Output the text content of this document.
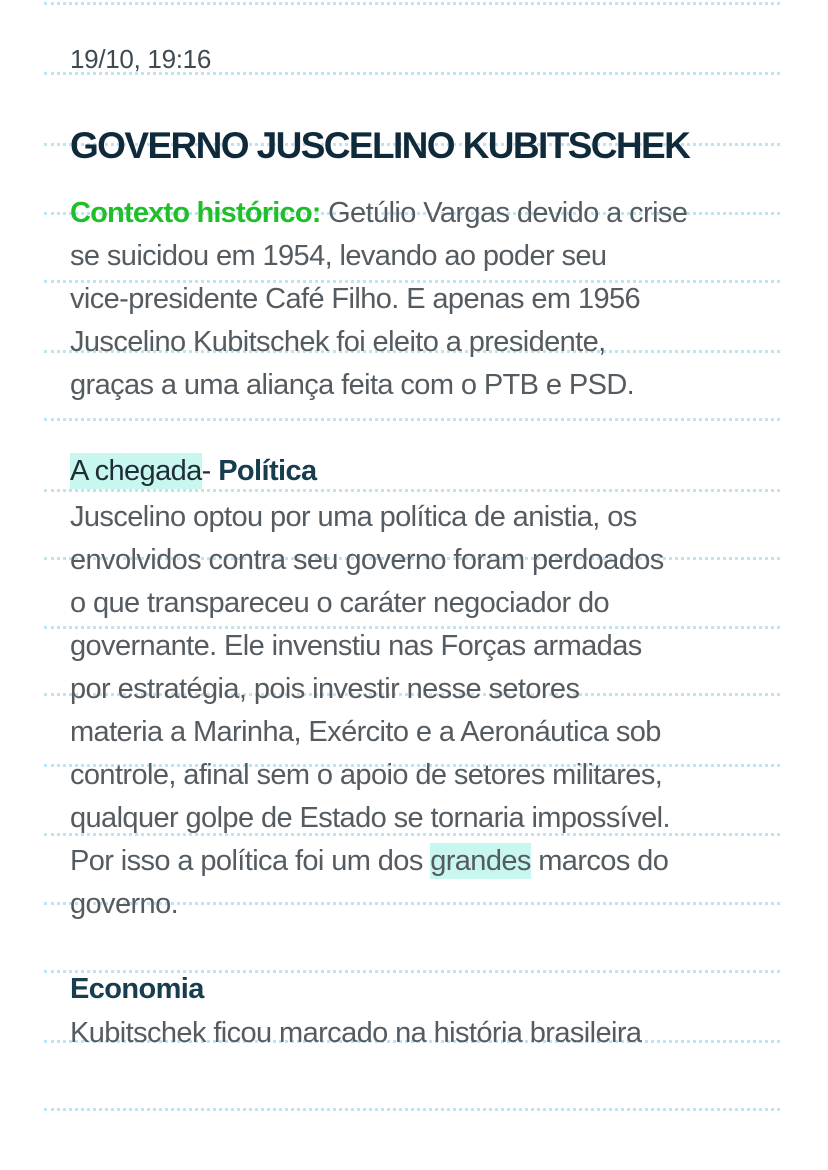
19/10, 19:16
GOVERNO JUSCELINO KUBITSCHEK
Contexto histórico: Getúlio Vargas devido a crise
se suicidou em 1954, levando ao poder seu
vice-presidente Café Filho. E apenas em 1956
Juscelino Kubitschek foi eleito a presidente,
graças a uma aliança feita com o PTB e PSD.
A chegada- Política
Juscelino optou por uma política de anistia, os
envolvidos contra seu governo foram perdoados
o que transpareceu o caráter negociador do
governante. Ele invenstiu nas Forças armadas
por estratégia, pois investir nesse setores
materia a Marinha, Exército e a Aeronáutica sob
controle, afinal sem o apoio de setores militares,
qualquer golpe de Estado se tornaria impossível.
Por isso a política foi um dos grandes marcos do
governo.
Economia
Kubitschek ficou marcado na história brasileira
